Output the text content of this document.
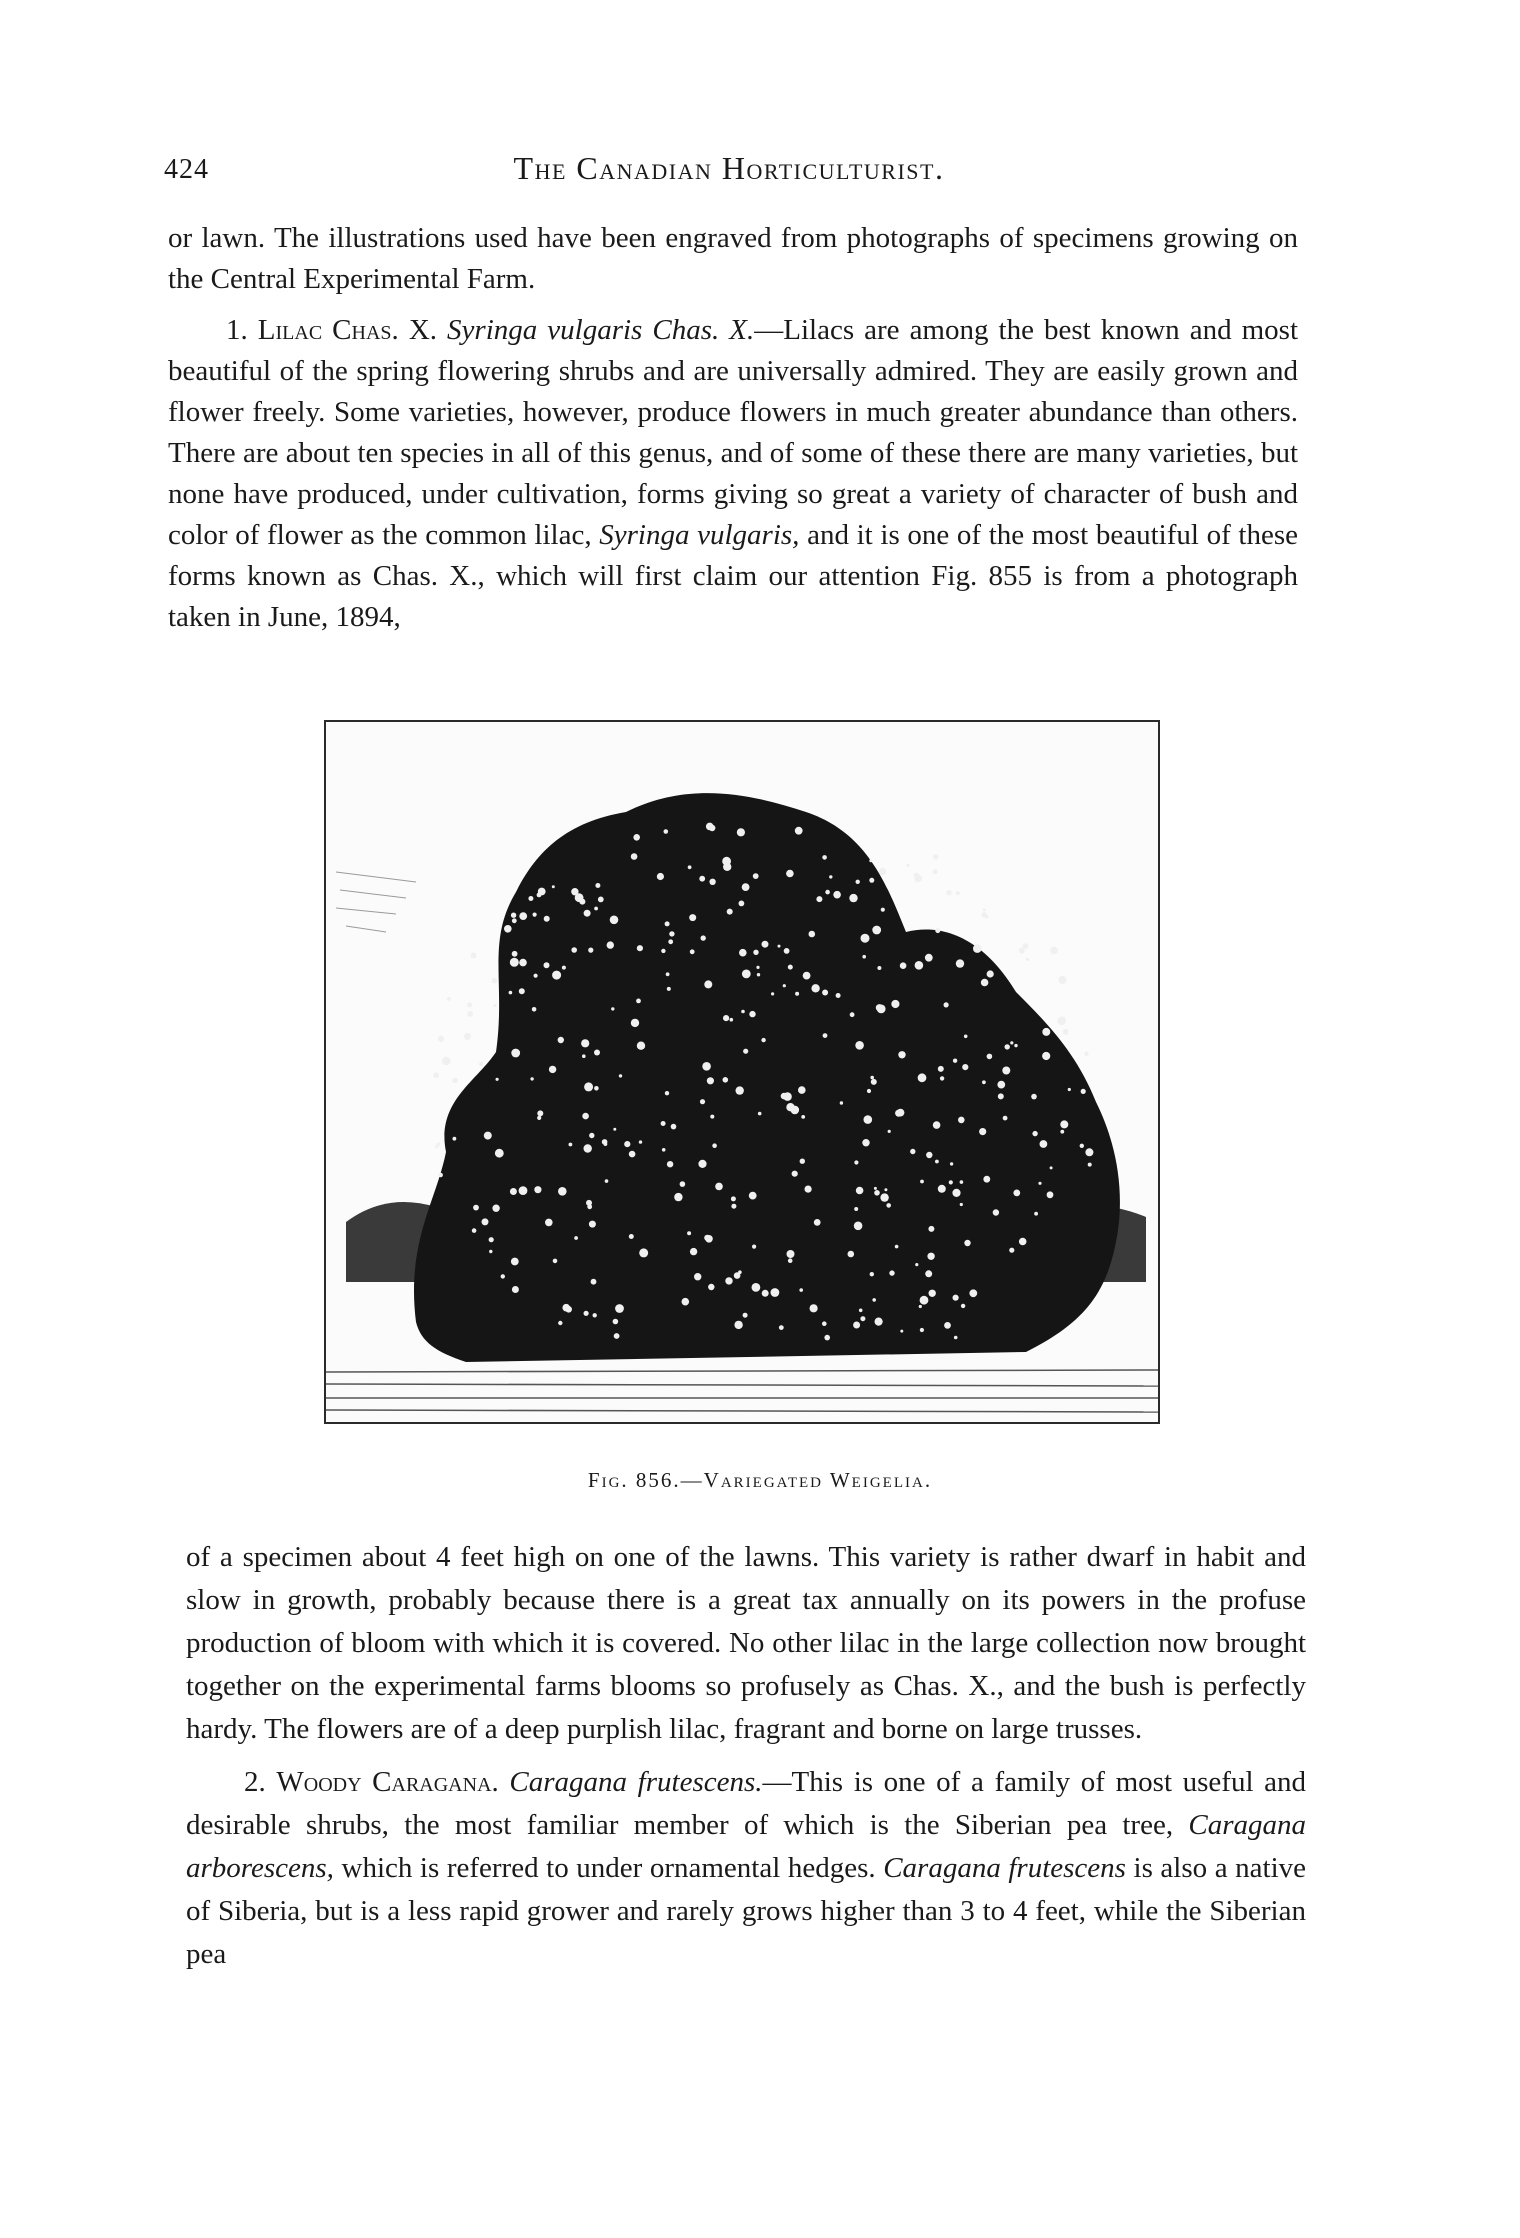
424	The Canadian Horticulturist.

or lawn. The illustrations used have been engraved from photographs of specimens growing on the Central Experimental Farm.

1. Lilac Chas. X. Syringa vulgaris Chas. X.—Lilacs are among the best known and most beautiful of the spring flowering shrubs and are universally admired. They are easily grown and flower freely. Some varieties, however, produce flowers in much greater abundance than others. There are about ten species in all of this genus, and of some of these there are many varieties, but none have produced, under cultivation, forms giving so great a variety of character of bush and color of flower as the common lilac, Syringa vulgaris, and it is one of the most beautiful of these forms known as Chas. X., which will first claim our attention Fig. 855 is from a photograph taken in June, 1894,

Fig. 856.—Variegated Weigelia.

of a specimen about 4 feet high on one of the lawns. This variety is rather dwarf in habit and slow in growth, probably because there is a great tax annually on its powers in the profuse production of bloom with which it is covered. No other lilac in the large collection now brought together on the experimental farms blooms so profusely as Chas. X., and the bush is perfectly hardy. The flowers are of a deep purplish lilac, fragrant and borne on large trusses.

2. Woody Caragana. Caragana frutescens.—This is one of a family of most useful and desirable shrubs, the most familiar member of which is the Siberian pea tree, Caragana arborescens, which is referred to under ornamental hedges. Caragana frutescens is also a native of Siberia, but is a less rapid grower and rarely grows higher than 3 to 4 feet, while the Siberian pea
